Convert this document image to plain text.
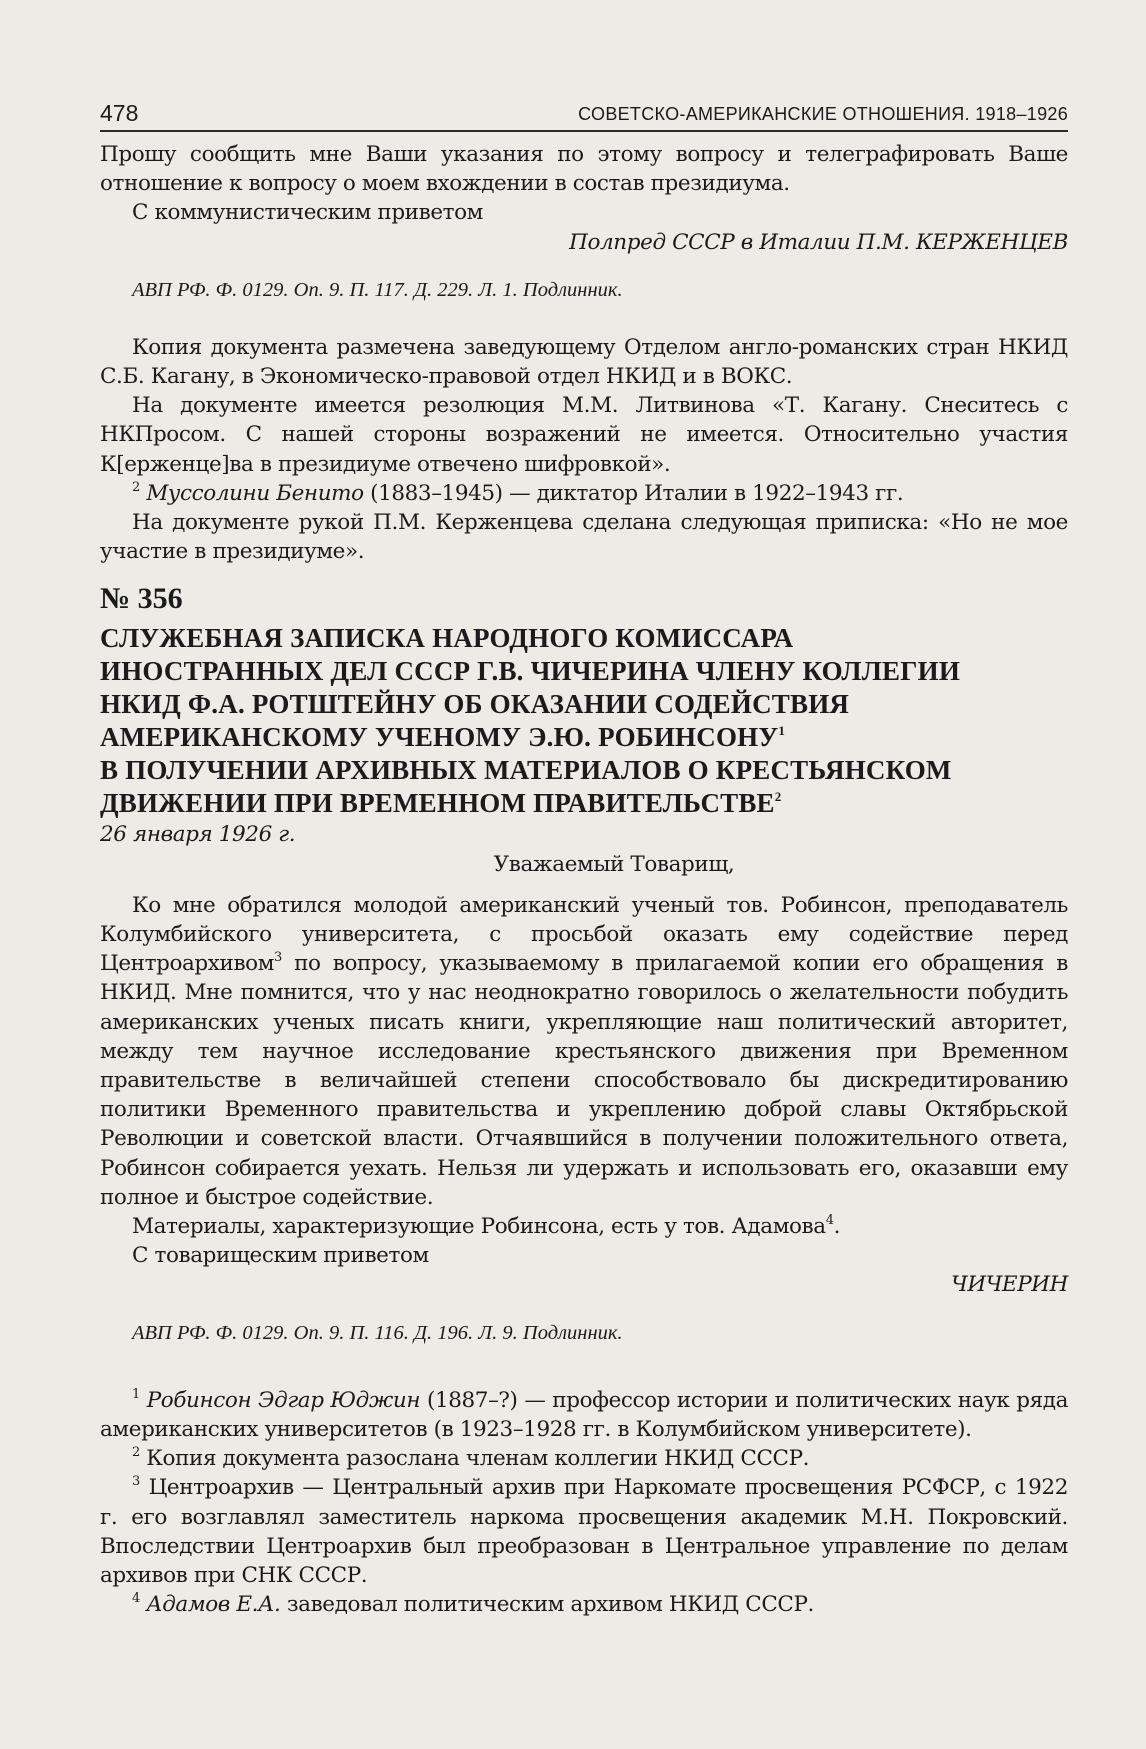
478	СОВЕТСКО-АМЕРИКАНСКИЕ ОТНОШЕНИЯ. 1918–1926

Прошу сообщить мне Ваши указания по этому вопросу и телеграфировать Ваше отношение к вопросу о моем вхождении в состав президиума.

С коммунистическим приветом

Полпред СССР в Италии П.М. КЕРЖЕНЦЕВ

АВП РФ. Ф. 0129. Оп. 9. П. 117. Д. 229. Л. 1. Подлинник.

Копия документа размечена заведующему Отделом англо-романских стран НКИД С.Б. Кагану, в Экономическо-правовой отдел НКИД и в ВОКС.

На документе имеется резолюция М.М. Литвинова «Т. Кагану. Снеситесь с НКПросом. С нашей стороны возражений не имеется. Относительно участия К[ерженце]ва в президиуме отвечено шифровкой».

$^2$ Муссолини Бенито (1883–1945) — диктатор Италии в 1922–1943 гг.

На документе рукой П.М. Керженцева сделана следующая приписка: «Но не мое участие в президиуме».

№ 356

СЛУЖЕБНАЯ ЗАПИСКА НАРОДНОГО КОМИССАРА

ИНОСТРАННЫХ ДЕЛ СССР Г.В. ЧИЧЕРИНА ЧЛЕНУ КОЛЛЕГИИ

НКИД Ф.А. РОТШТЕЙНУ ОБ ОКАЗАНИИ СОДЕЙСТВИЯ

АМЕРИКАНСКОМУ УЧЕНОМУ Э.Ю. РОБИНСОНУ$^1$

В ПОЛУЧЕНИИ АРХИВНЫХ МАТЕРИАЛОВ О КРЕСТЬЯНСКОМ

ДВИЖЕНИИ ПРИ ВРЕМЕННОМ ПРАВИТЕЛЬСТВЕ$^2$

26 января 1926 г.

Уважаемый Товарищ,

Ко мне обратился молодой американский ученый тов. Робинсон, преподаватель Колумбийского университета, с просьбой оказать ему содействие перед Центроархивом$^3$ по вопросу, указываемому в прилагаемой копии его обращения в НКИД. Мне помнится, что у нас неоднократно говорилось о желательности побудить американских ученых писать книги, укрепляющие наш политический авторитет, между тем научное исследование крестьянского движения при Временном правительстве в величайшей степени способствовало бы дискредитированию политики Временного правительства и укреплению доброй славы Октябрьской Революции и советской власти. Отчаявшийся в получении положительного ответа, Робинсон собирается уехать. Нельзя ли удержать и использовать его, оказавши ему полное и быстрое содействие.

Материалы, характеризующие Робинсона, есть у тов. Адамова$^4$.

С товарищеским приветом

ЧИЧЕРИН

АВП РФ. Ф. 0129. Оп. 9. П. 116. Д. 196. Л. 9. Подлинник.

$^1$ Робинсон Эдгар Юджин (1887–?) — профессор истории и политических наук ряда американских университетов (в 1923–1928 гг. в Колумбийском университете).

$^2$ Копия документа разослана членам коллегии НКИД СССР.

$^3$ Центроархив — Центральный архив при Наркомате просвещения РСФСР, с 1922 г. его возглавлял заместитель наркома просвещения академик М.Н. Покровский. Впоследствии Центроархив был преобразован в Центральное управление по делам архивов при СНК СССР.

$^4$ Адамов Е.А. заведовал политическим архивом НКИД СССР.
